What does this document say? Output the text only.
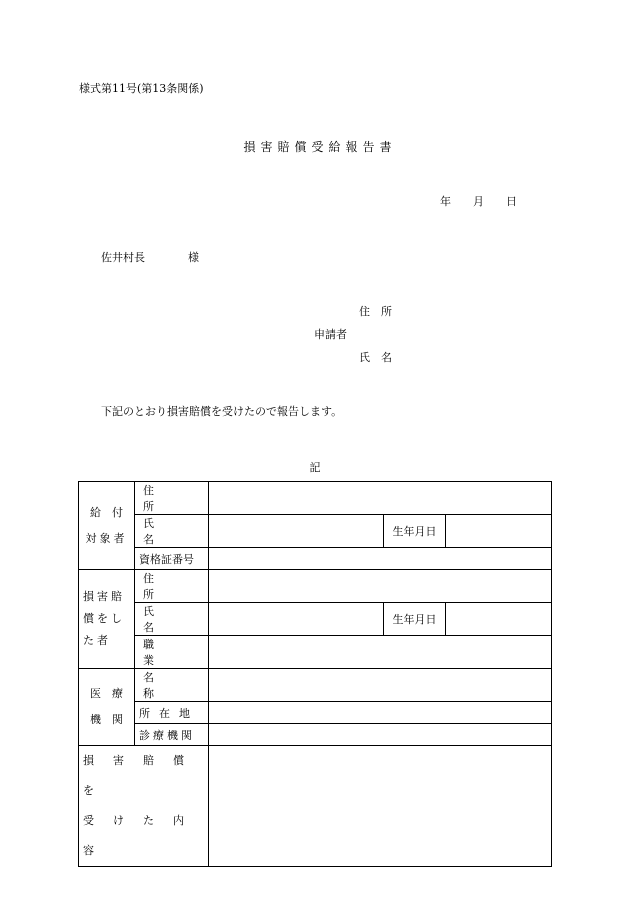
様式第11号(第13条関係)
損害賠償受給報告書
年 月 日
佐井村長	様
住　所
申請者
氏　名
下記のとおり損害賠償を受けたので報告します。
記
給　付
対象者	住所			

	氏名		生年月日	
	資格証番号			

損害賠
償をし
た者	住所			

	氏名		生年月日	

	職業			

医　療
機　関	名称			

	所在地			

	診療機関			

損害賠償を
受けた内容				
